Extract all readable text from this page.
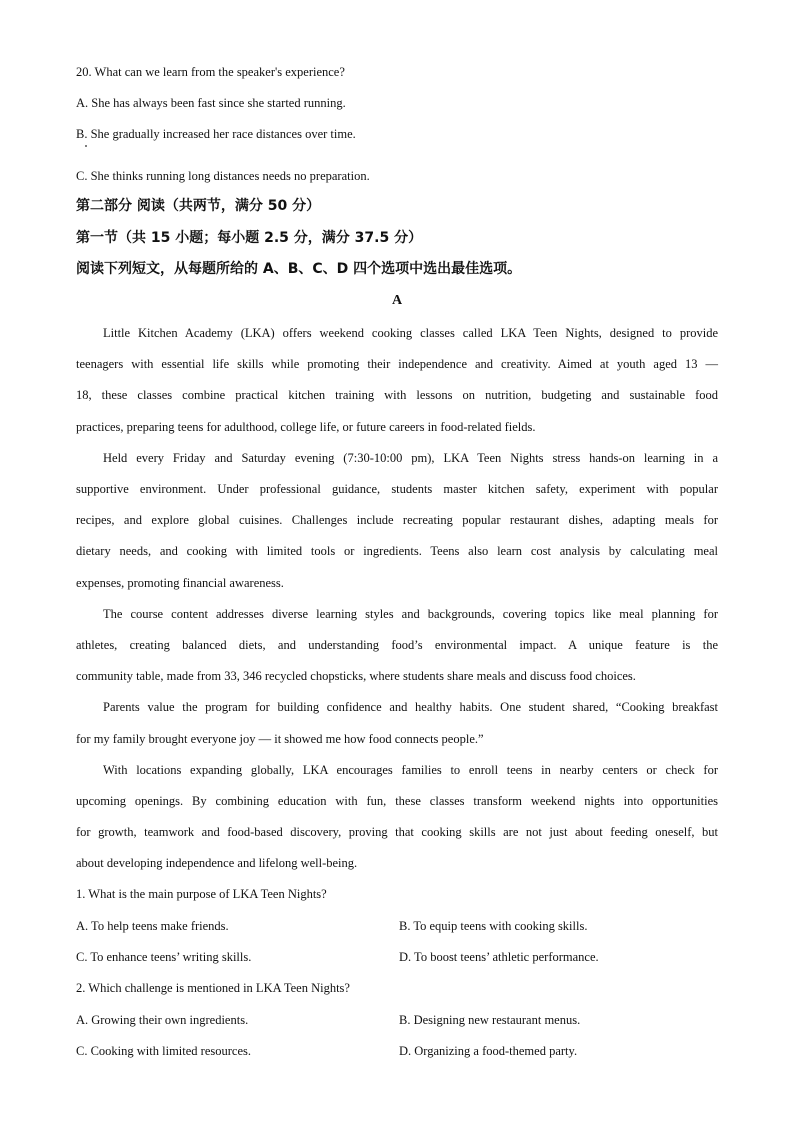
20. What can we learn from the speaker's experience?
A. She has always been fast since she started running.
B. She gradually increased her race distances over time.
C. She thinks running long distances needs no preparation.
第二部分 阅读（共两节，满分 50 分）
第一节（共 15 小题；每小题 2.5 分，满分 37.5 分）
阅读下列短文，从每题所给的 A、B、C、D 四个选项中选出最佳选项。
A
Little Kitchen Academy (LKA) offers weekend cooking classes called LKA Teen Nights, designed to provide
teenagers with essential life skills while promoting their independence and creativity. Aimed at youth aged 13 —
18, these classes combine practical kitchen training with lessons on nutrition, budgeting and sustainable food
practices, preparing teens for adulthood, college life, or future careers in food-related fields.
Held every Friday and Saturday evening (7:30-10:00 pm), LKA Teen Nights stress hands-on learning in a
supportive environment. Under professional guidance, students master kitchen safety, experiment with popular
recipes, and explore global cuisines. Challenges include recreating popular restaurant dishes, adapting meals for
dietary needs, and cooking with limited tools or ingredients. Teens also learn cost analysis by calculating meal
expenses, promoting financial awareness.
The course content addresses diverse learning styles and backgrounds, covering topics like meal planning for
athletes, creating balanced diets, and understanding food’s environmental impact. A unique feature is the
community table, made from 33, 346 recycled chopsticks, where students share meals and discuss food choices.
Parents value the program for building confidence and healthy habits. One student shared, “Cooking breakfast
for my family brought everyone joy — it showed me how food connects people.”
With locations expanding globally, LKA encourages families to enroll teens in nearby centers or check for
upcoming openings. By combining education with fun, these classes transform weekend nights into opportunities
for growth, teamwork and food-based discovery, proving that cooking skills are not just about feeding oneself, but
about developing independence and lifelong well-being.
1. What is the main purpose of LKA Teen Nights?
A. To help teens make friends.	B. To equip teens with cooking skills.
C. To enhance teens’ writing skills.	D. To boost teens’ athletic performance.
2. Which challenge is mentioned in LKA Teen Nights?
A. Growing their own ingredients.	B. Designing new restaurant menus.
C. Cooking with limited resources.	D. Organizing a food-themed party.
